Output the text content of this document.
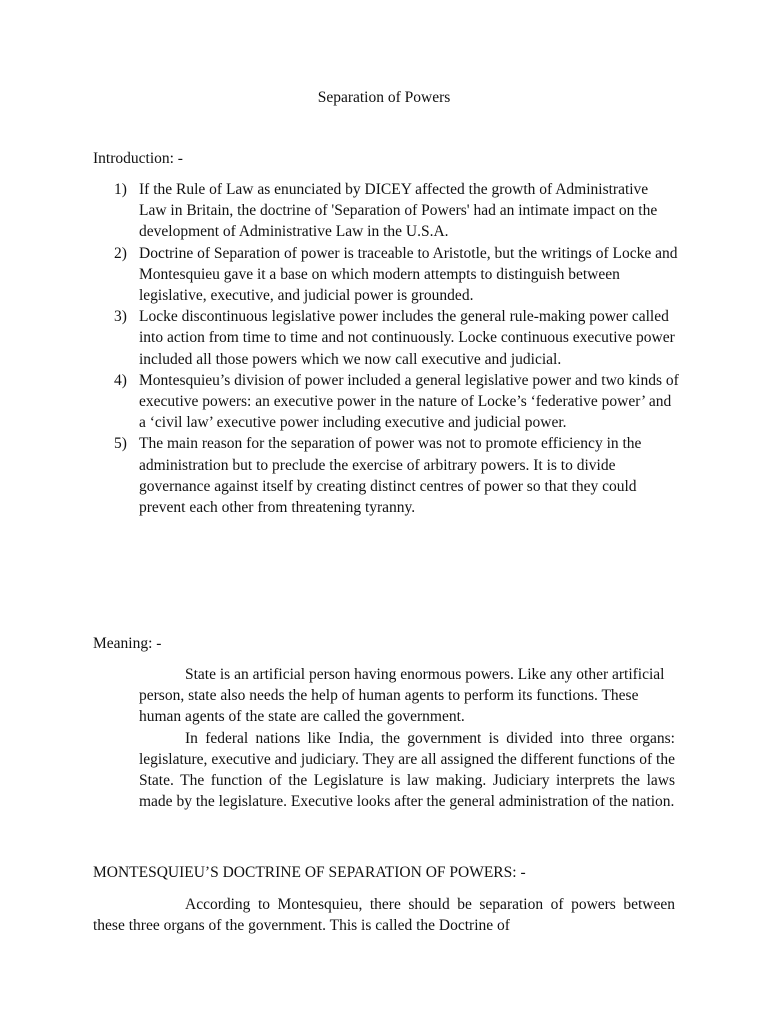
Separation of Powers
Introduction: -
1) If the Rule of Law as enunciated by DICEY affected the growth of Administrative Law in Britain, the doctrine of 'Separation of Powers' had an intimate impact on the development of Administrative Law in the U.S.A.
2) Doctrine of Separation of power is traceable to Aristotle, but the writings of Locke and Montesquieu gave it a base on which modern attempts to distinguish between legislative, executive, and judicial power is grounded.
3) Locke discontinuous legislative power includes the general rule-making power called into action from time to time and not continuously. Locke continuous executive power included all those powers which we now call executive and judicial.
4) Montesquieu’s division of power included a general legislative power and two kinds of executive powers: an executive power in the nature of Locke’s ‘federative power’ and a ‘civil law’ executive power including executive and judicial power.
5) The main reason for the separation of power was not to promote efficiency in the administration but to preclude the exercise of arbitrary powers. It is to divide governance against itself by creating distinct centres of power so that they could prevent each other from threatening tyranny.
Meaning: -

State is an artificial person having enormous powers. Like any other artificial person, state also needs the help of human agents to perform its functions. These human agents of the state are called the government.

In federal nations like India, the government is divided into three organs: legislature, executive and judiciary. They are all assigned the different functions of the State. The function of the Legislature is law making. Judiciary interprets the laws made by the legislature. Executive looks after the general administration of the nation.

MONTESQUIEU’S DOCTRINE OF SEPARATION OF POWERS: -

According to Montesquieu, there should be separation of powers between these three organs of the government. This is called the Doctrine of
